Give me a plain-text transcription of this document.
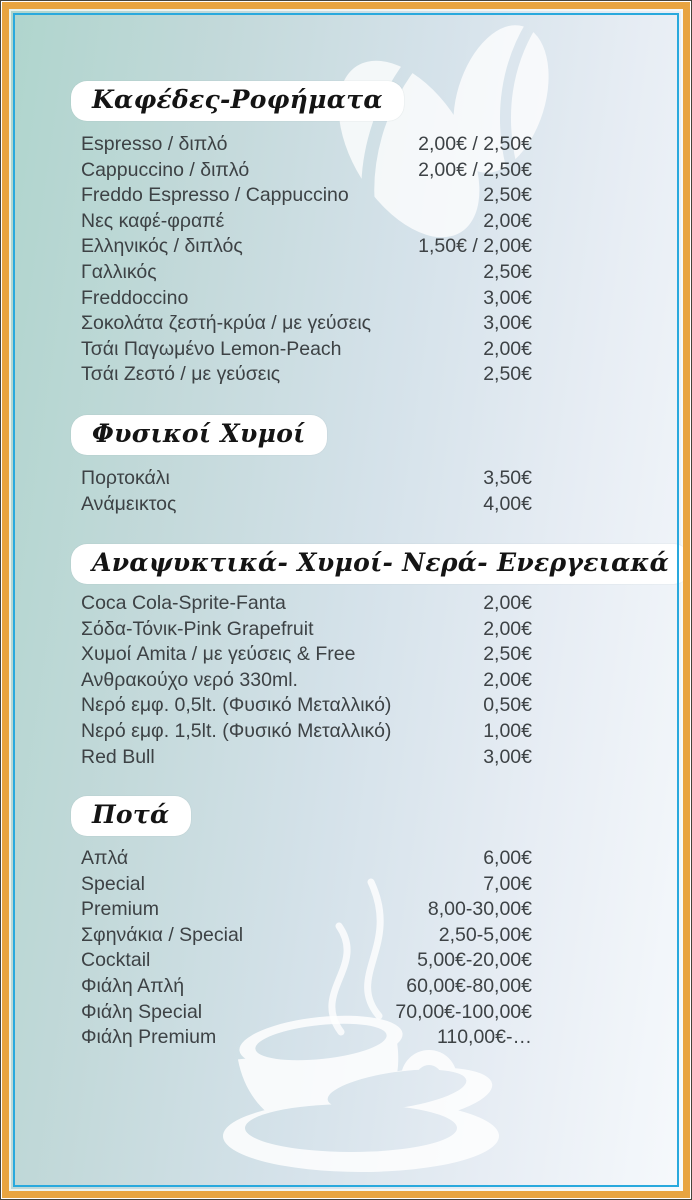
Καφέδες-Ροφήματα
Espresso / διπλό	2,00€ / 2,50€
Cappuccino / διπλό	2,00€ / 2,50€
Freddo Espresso / Cappuccino	2,50€
Νες καφέ-φραπέ	2,00€
Ελληνικός / διπλός	1,50€ / 2,00€
Γαλλικός	2,50€
Freddoccino	3,00€
Σοκολάτα ζεστή-κρύα / με γεύσεις	3,00€
Τσάι Παγωμένο Lemon-Peach	2,00€
Τσάι Ζεστό / με γεύσεις	2,50€
Φυσικοί Χυμοί
Πορτοκάλι	3,50€
Ανάμεικτος	4,00€
Αναψυκτικά- Χυμοί- Νερά- Ενεργειακά
Coca Cola-Sprite-Fanta	2,00€
Σόδα-Τόνικ-Pink Grapefruit	2,00€
Χυμοί Amita / με γεύσεις & Free	2,50€
Ανθρακούχο νερό 330ml.	2,00€
Νερό εμφ. 0,5lt. (Φυσικό Μεταλλικό)	0,50€
Νερό εμφ. 1,5lt. (Φυσικό Μεταλλικό)	1,00€
Red Bull	3,00€
Ποτά
Απλά	6,00€
Special	7,00€
Premium	8,00-30,00€
Σφηνάκια / Special	2,50-5,00€
Cocktail	5,00€-20,00€
Φιάλη Απλή	60,00€-80,00€
Φιάλη Special	70,00€-100,00€
Φιάλη Premium	110,00€-…
